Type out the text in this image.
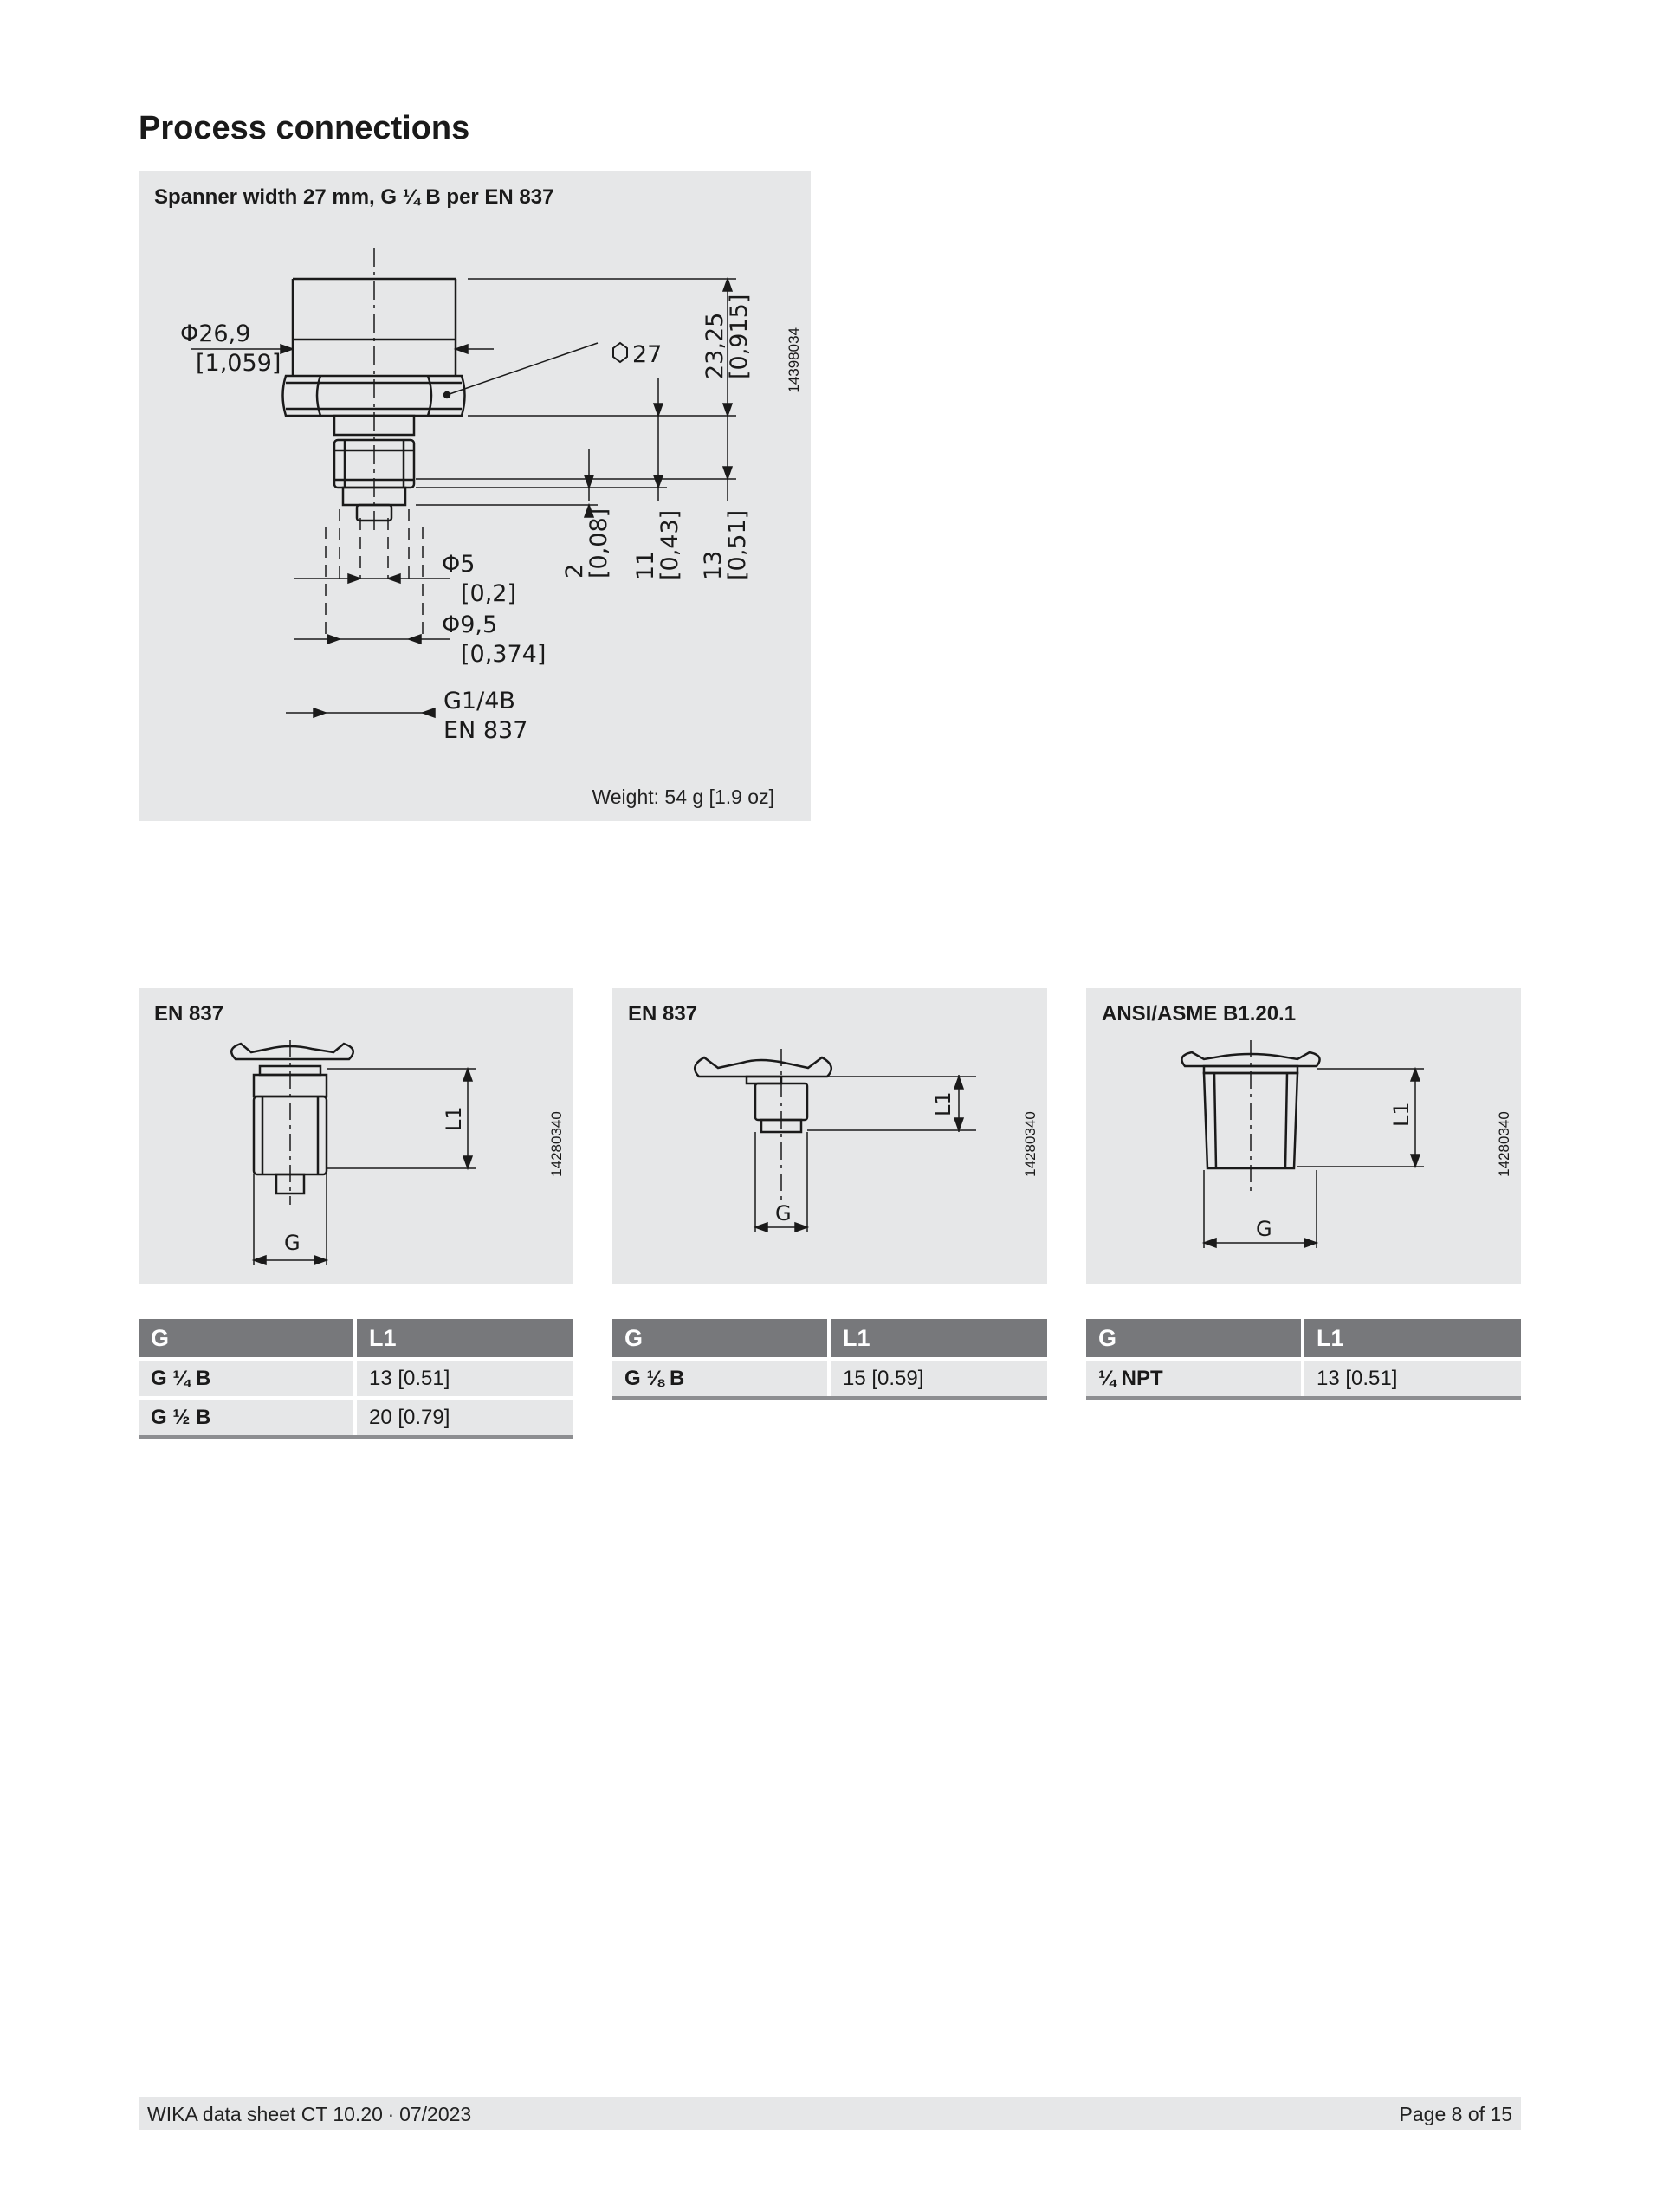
Process connections
Spanner width 27 mm, G ¼ B per EN 837
Φ26,9
[1,059]	27 23,25
[0,915]
2
[0,08] 11
[0,43] 13
[0,51]
Φ5
[0,2]
Φ9,5
[0,374]
G1/4B
EN 837
14398034
Weight: 54 g [1.9 oz]
EN 837
L1
G
14280340
EN 837
L1
G
14280340
ANSI/ASME B1.20.1
L1
G
14280340
G	L1
G ¼ B	13 [0.51]
G ½ B	20 [0.79]
G	L1
G ⅛ B	15 [0.59]
G	L1
¼ NPT	13 [0.51]
WIKA data sheet CT 10.20 ∙ 07/2023	Page 8 of 15
